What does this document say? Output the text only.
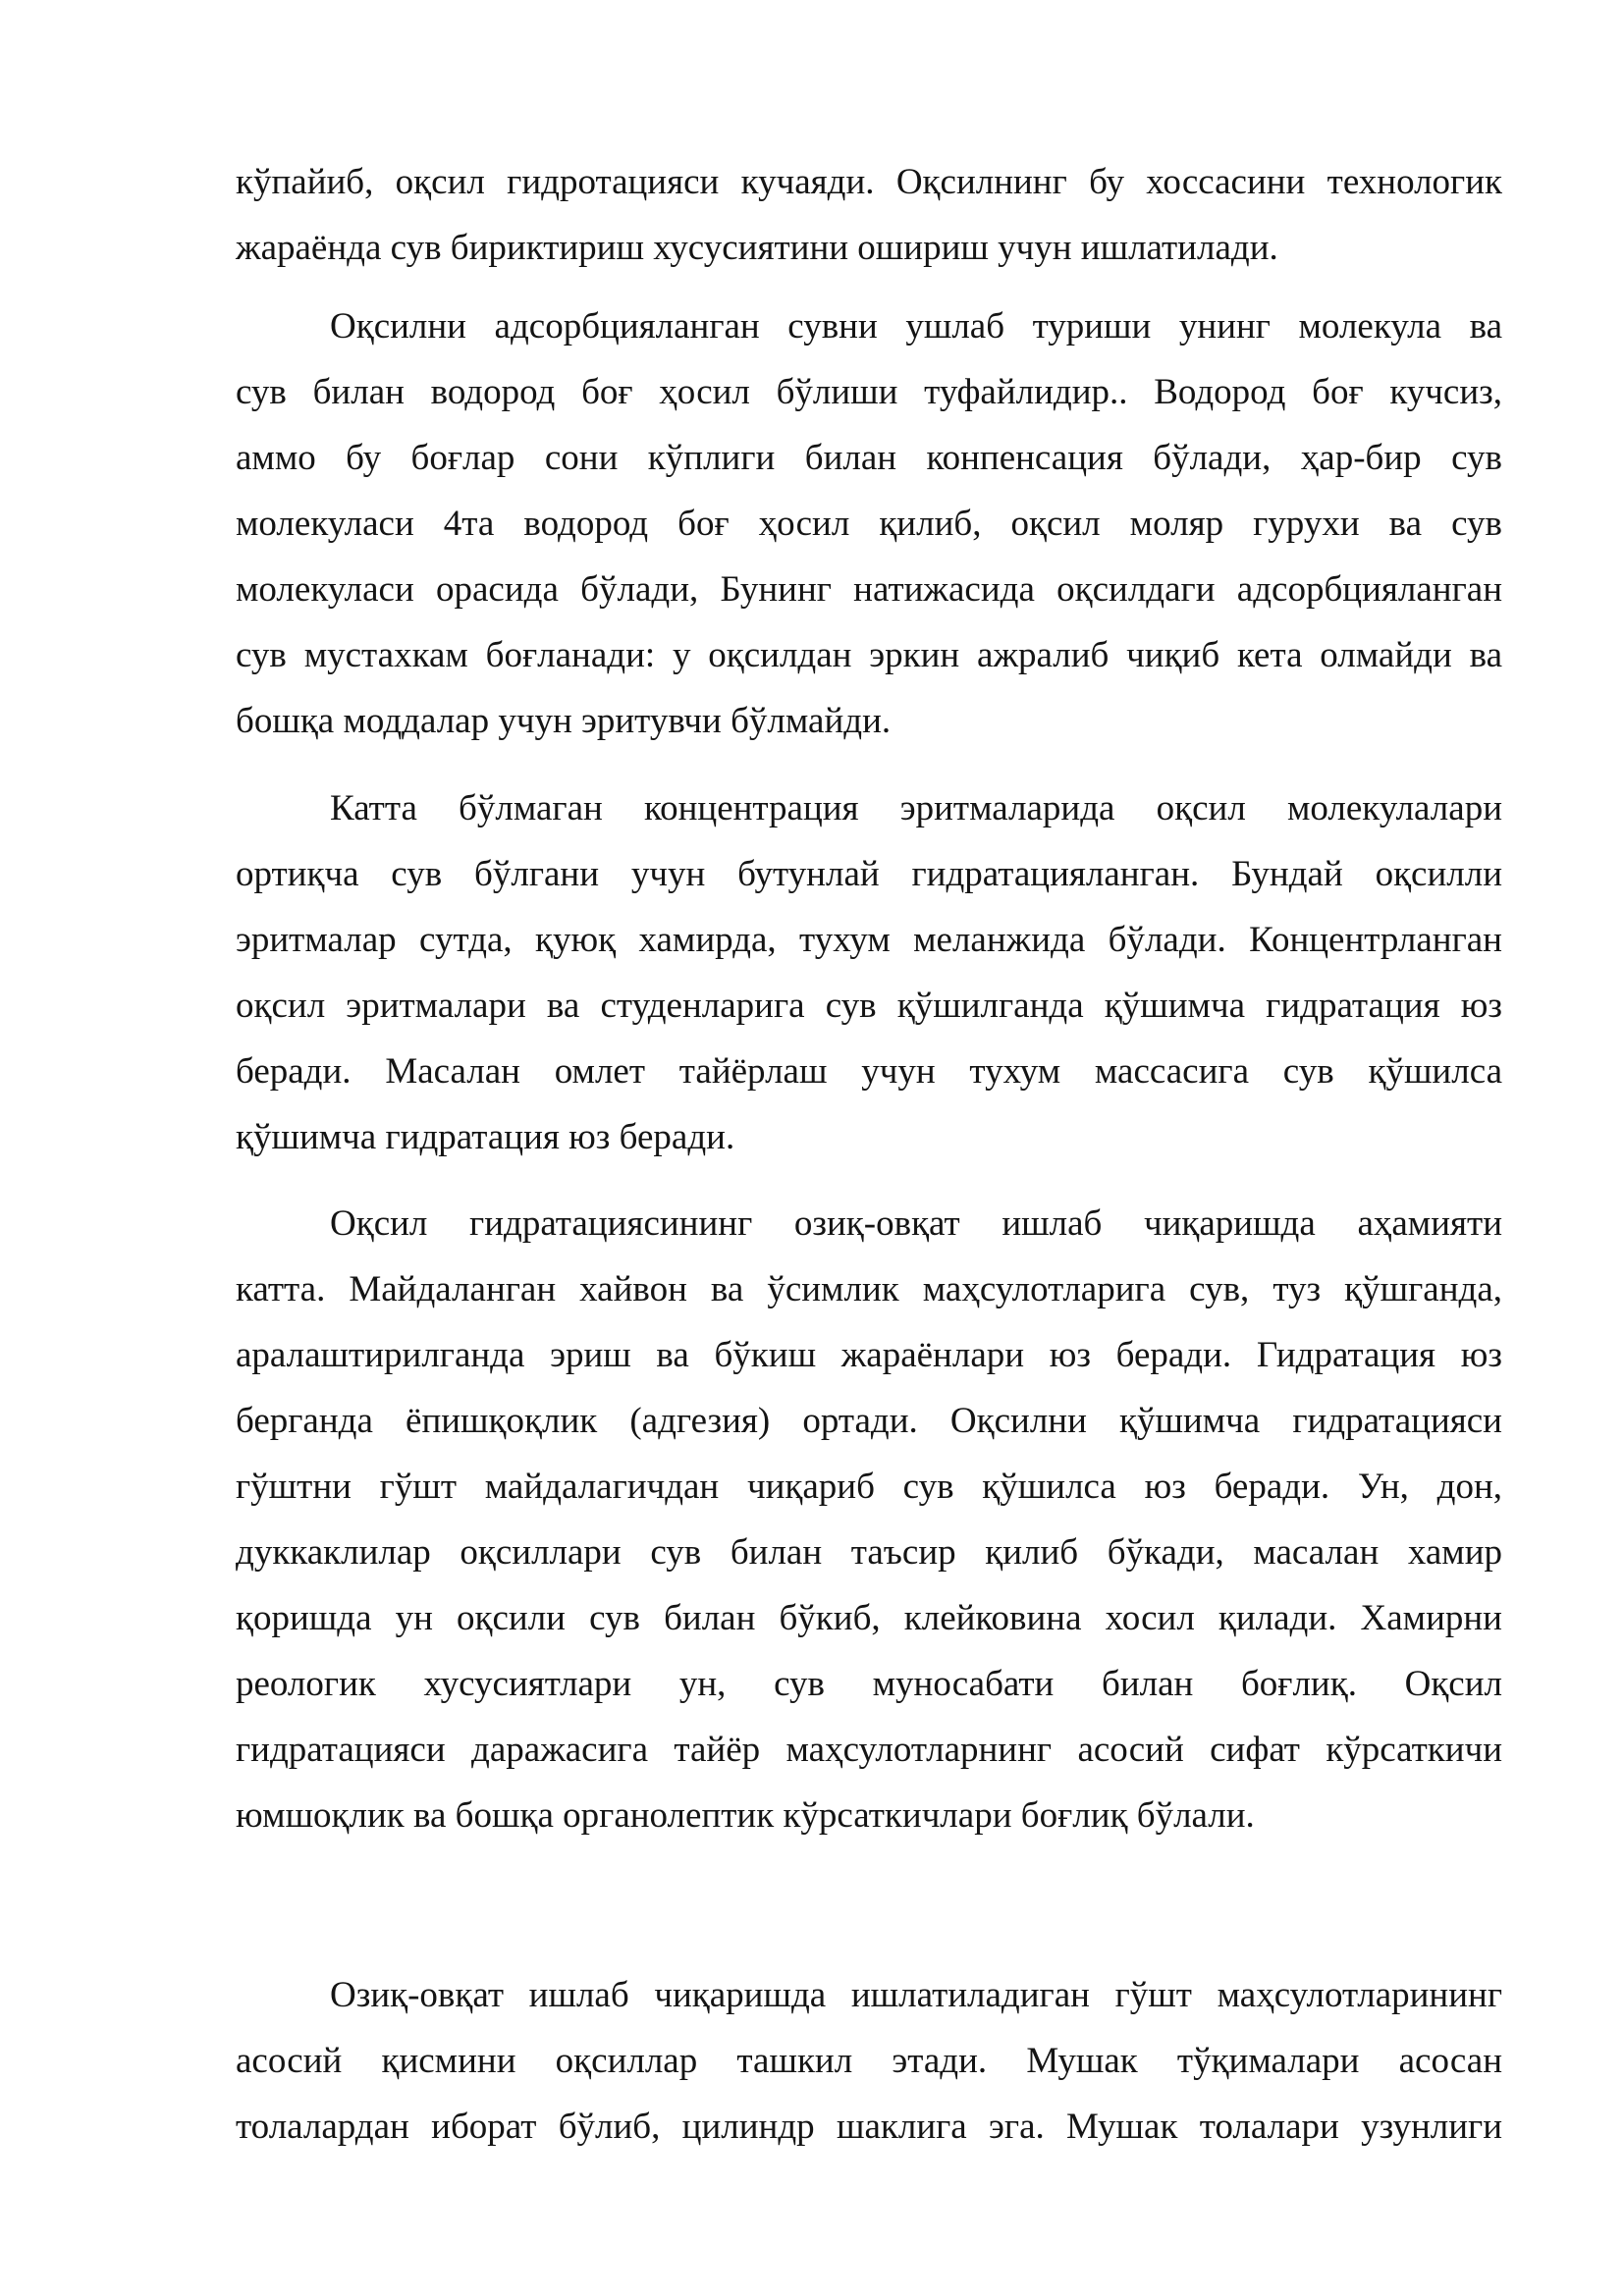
кўпайиб, оқсил гидротацияси кучаяди. Оқсилнинг бу хоссасини технологик
жараёнда сув бириктириш хусусиятини ошириш учун ишлатилади.

Оқсилни адсорбцияланган сувни ушлаб туриши унинг молекула ва
сув билан водород боғ ҳосил бўлиши туфайлидир.. Водород боғ кучсиз,
аммо бу боғлар сони кўплиги билан конпенсация бўлади, ҳар-бир сув
молекуласи 4та водород боғ ҳосил қилиб, оқсил моляр гурухи ва сув
молекуласи орасида бўлади, Бунинг натижасида оқсилдаги адсорбцияланган
сув мустахкам боғланади: у оқсилдан эркин ажралиб чиқиб кета олмайди ва
бошқа моддалар учун эритувчи бўлмайди.

Катта бўлмаган концентрация эритмаларида оқсил молекулалари
ортиқча сув бўлгани учун бутунлай гидратацияланган. Бундай оқсилли
эритмалар сутда, қуюқ хамирда, тухум меланжида бўлади. Концентрланган
оқсил эритмалари ва студенларига сув қўшилганда қўшимча гидратация юз
беради. Масалан омлет тайёрлаш учун тухум массасига сув қўшилса
қўшимча гидратация юз беради.

Оқсил гидратациясининг озиқ-овқат ишлаб чиқаришда аҳамияти
катта. Майдаланган хайвон ва ўсимлик маҳсулотларига сув, туз қўшганда,
аралаштирилганда эриш ва бўкиш жараёнлари юз беради. Гидратация юз
берганда ёпишқоқлик (адгезия) ортади. Оқсилни қўшимча гидратацияси
гўштни гўшт майдалагичдан чиқариб сув қўшилса юз беради. Ун, дон,
дуккаклилар оқсиллари сув билан таъсир қилиб бўкади, масалан хамир
қоришда ун оқсили сув билан бўкиб, клейковина хосил қилади. Хамирни
реологик хусусиятлари ун, сув муносабати билан боғлиқ. Оқсил
гидратацияси даражасига тайёр маҳсулотларнинг асосий сифат кўрсаткичи
юмшоқлик ва бошқа органолептик кўрсаткичлари боғлиқ бўлали.

Озиқ-овқат ишлаб чиқаришда ишлатиладиган гўшт маҳсулотларининг
асосий қисмини оқсиллар ташкил этади. Мушак тўқималари асосан
толалардан иборат бўлиб, цилиндр шаклига эга. Мушак толалари узунлиги
